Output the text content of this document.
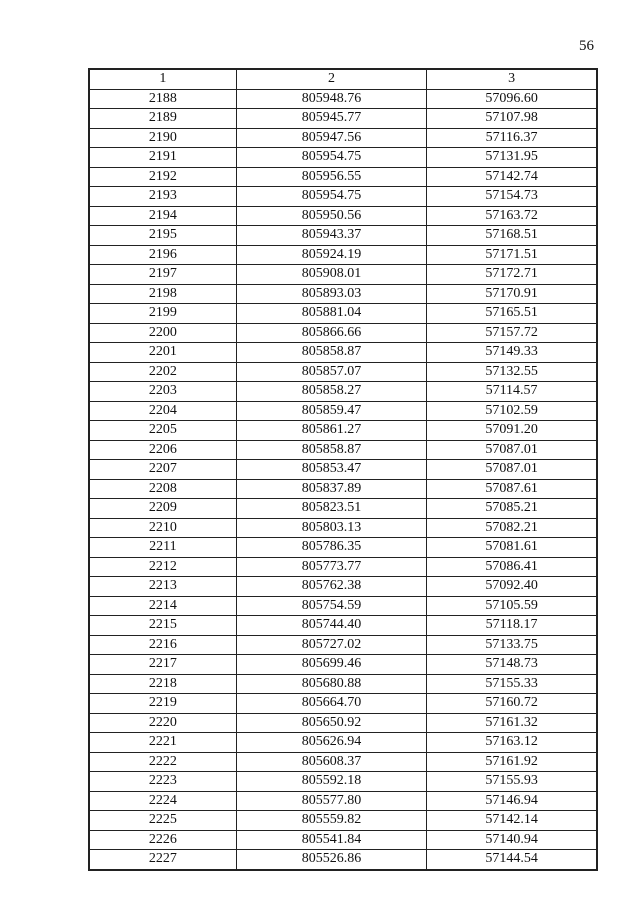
56
1	2	3
2188	805948.76	57096.60
2189	805945.77	57107.98
2190	805947.56	57116.37
2191	805954.75	57131.95
2192	805956.55	57142.74
2193	805954.75	57154.73
2194	805950.56	57163.72
2195	805943.37	57168.51
2196	805924.19	57171.51
2197	805908.01	57172.71
2198	805893.03	57170.91
2199	805881.04	57165.51
2200	805866.66	57157.72
2201	805858.87	57149.33
2202	805857.07	57132.55
2203	805858.27	57114.57
2204	805859.47	57102.59
2205	805861.27	57091.20
2206	805858.87	57087.01
2207	805853.47	57087.01
2208	805837.89	57087.61
2209	805823.51	57085.21
2210	805803.13	57082.21
2211	805786.35	57081.61
2212	805773.77	57086.41
2213	805762.38	57092.40
2214	805754.59	57105.59
2215	805744.40	57118.17
2216	805727.02	57133.75
2217	805699.46	57148.73
2218	805680.88	57155.33
2219	805664.70	57160.72
2220	805650.92	57161.32
2221	805626.94	57163.12
2222	805608.37	57161.92
2223	805592.18	57155.93
2224	805577.80	57146.94
2225	805559.82	57142.14
2226	805541.84	57140.94
2227	805526.86	57144.54
